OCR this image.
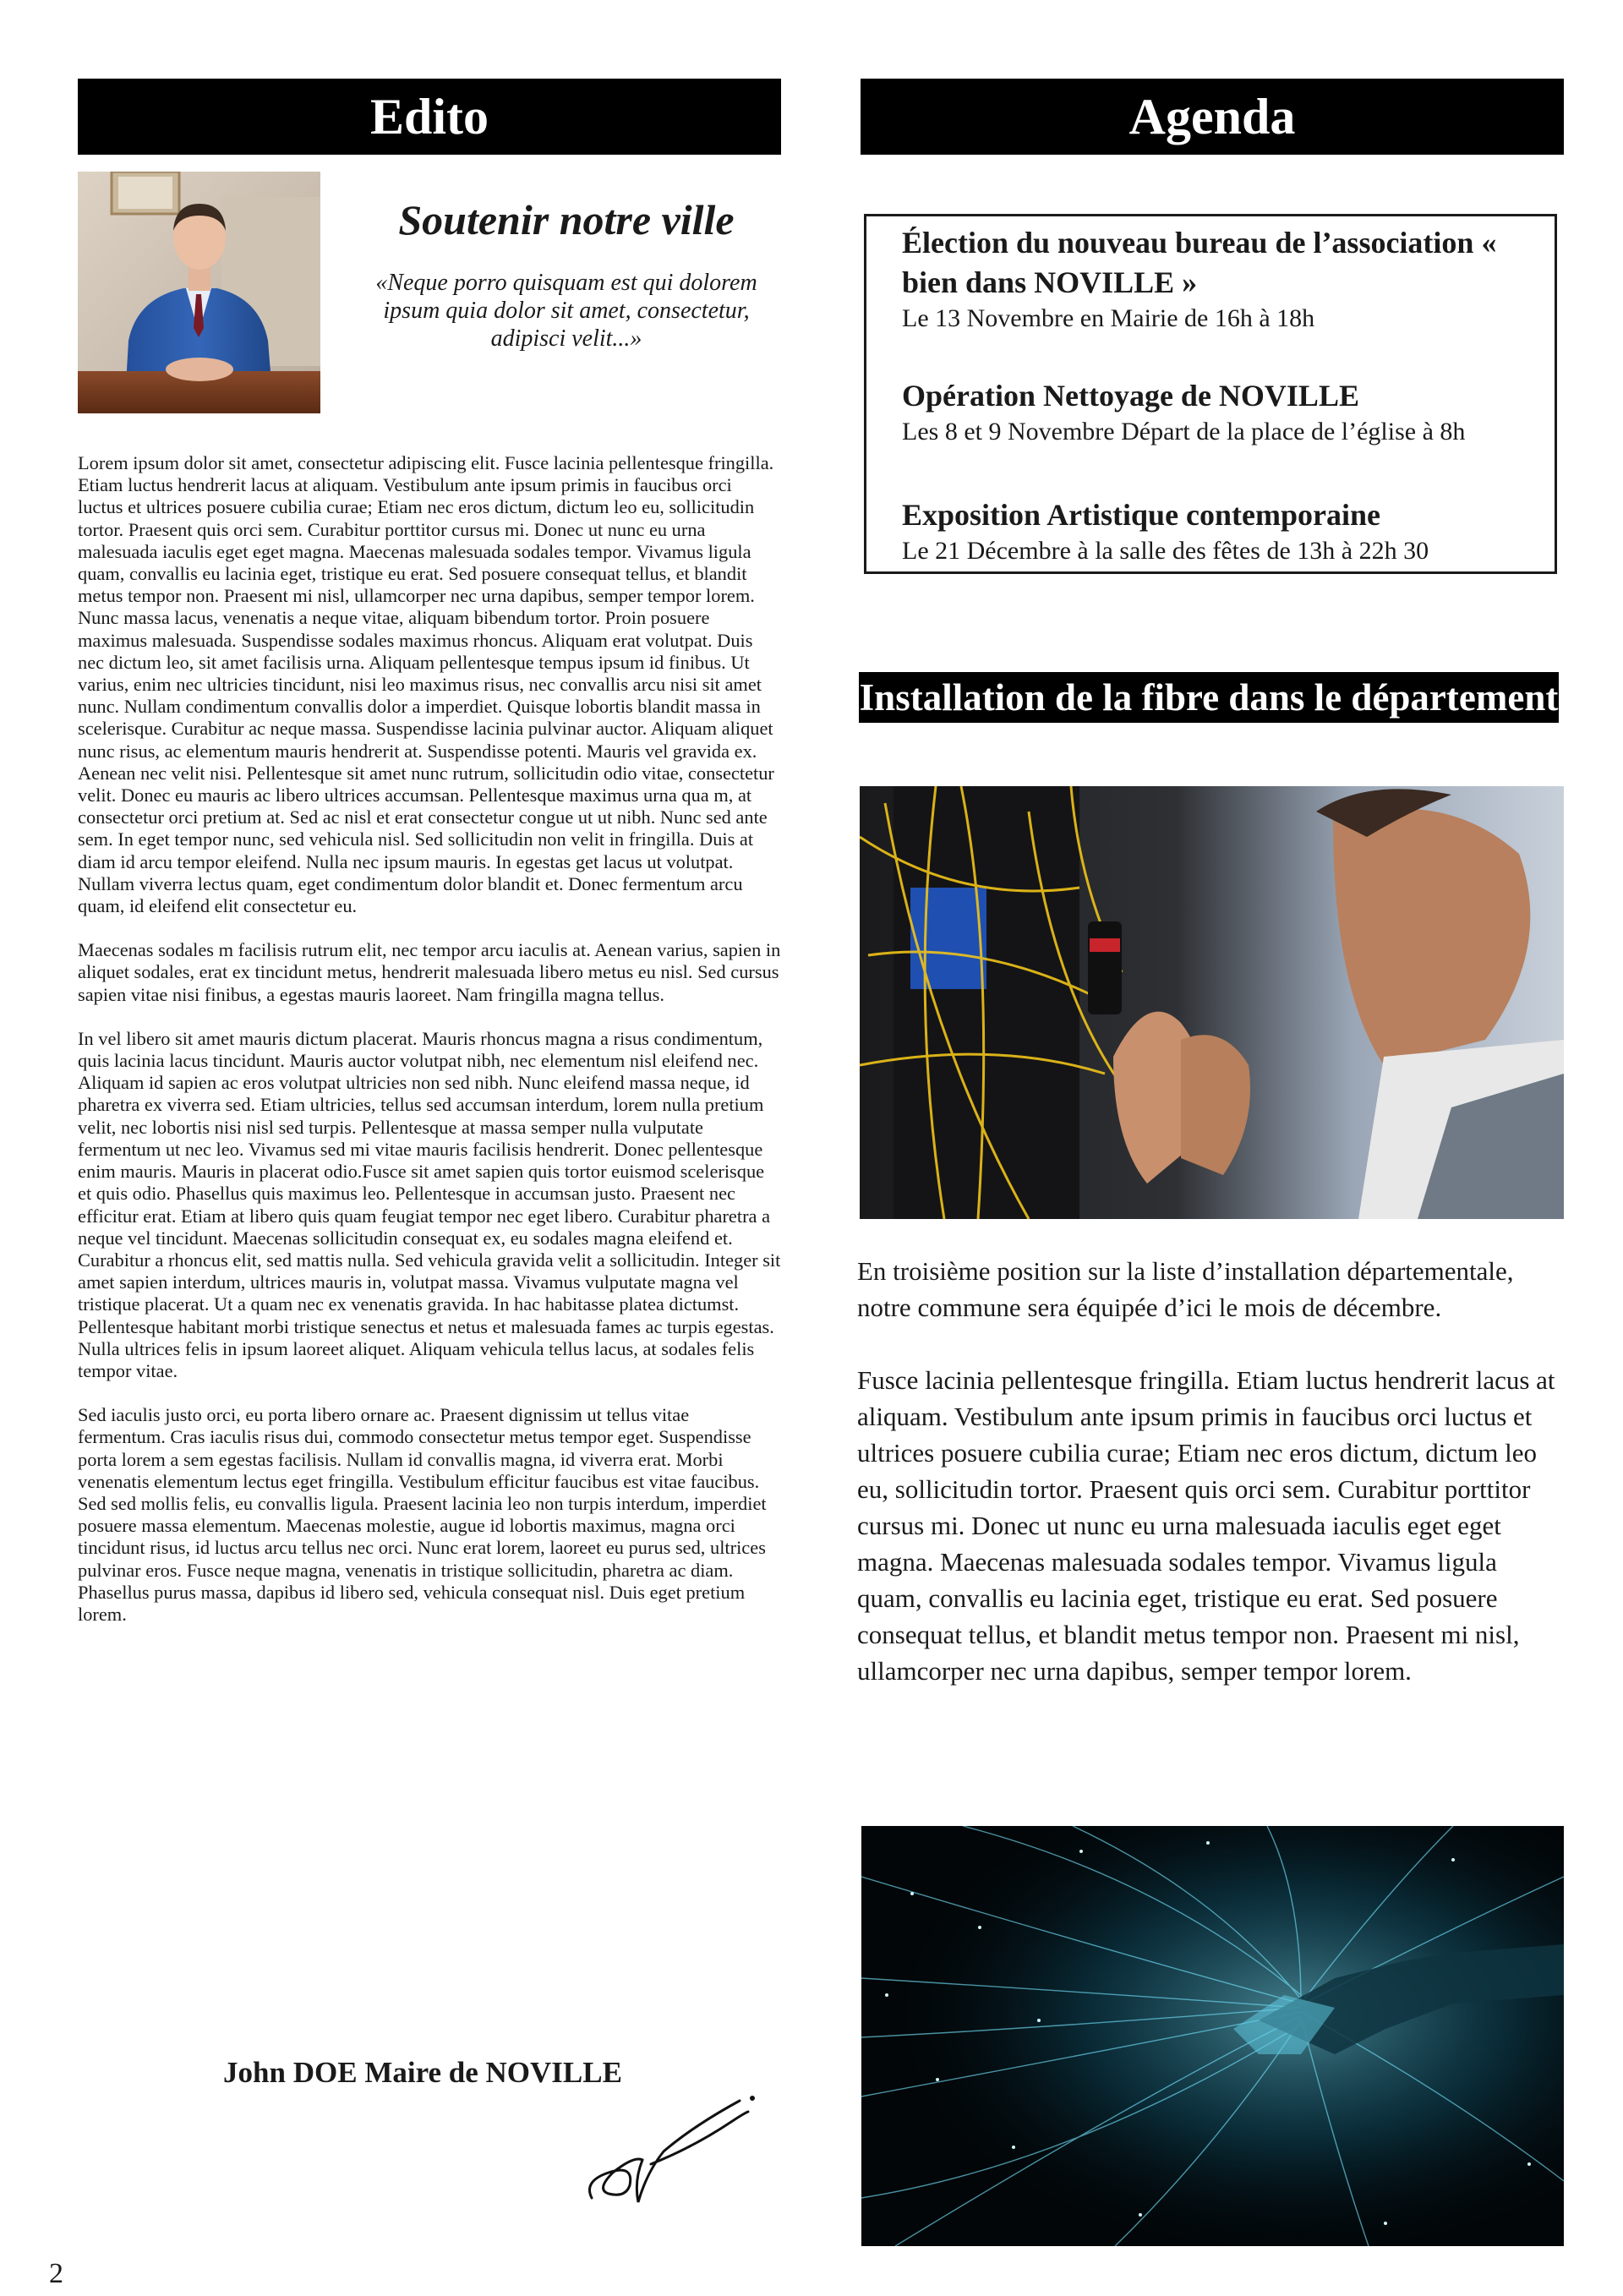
Edito
Soutenir notre ville
«Neque porro quisquam est qui dolorem ipsum quia dolor sit amet, consectetur, adipisci velit...»

Lorem ipsum dolor sit amet, consectetur adipiscing elit. Fusce lacinia pellentesque fringilla. Etiam luctus hendrerit lacus at aliquam. Vestibulum ante ipsum primis in faucibus orci luctus et ultrices posuere cubilia curae; Etiam nec eros dictum, dictum leo eu, sollicitudin tortor. Praesent quis orci sem. Curabitur porttitor cursus mi. Donec ut nunc eu urna malesuada iaculis eget eget magna. Maecenas malesuada sodales tempor. Vivamus ligula quam, convallis eu lacinia eget, tristique eu erat. Sed posuere consequat tellus, et blandit metus tempor non. Praesent mi nisl, ullamcorper nec urna dapibus, semper tempor lorem. Nunc massa lacus, venenatis a neque vitae, aliquam bibendum tortor. Proin posuere maximus malesuada. Suspendisse sodales maximus rhoncus. Aliquam erat volutpat. Duis nec dictum leo, sit amet facilisis urna. Aliquam pellentesque tempus ipsum id finibus. Ut varius, enim nec ultricies tincidunt, nisi leo maximus risus, nec convallis arcu nisi sit amet nunc. Nullam condimentum convallis dolor a imperdiet. Quisque lobortis blandit massa in scelerisque. Curabitur ac neque massa. Suspendisse lacinia pulvinar auctor. Aliquam aliquet nunc risus, ac elementum mauris hendrerit at. Suspendisse potenti. Mauris vel gravida ex. Aenean nec velit nisi. Pellentesque sit amet nunc rutrum, sollicitudin odio vitae, consectetur velit. Donec eu mauris ac libero ultrices accumsan. Pellentesque maximus urna qua m, at consectetur orci pretium at. Sed ac nisl et erat consectetur congue ut ut nibh. Nunc sed ante sem. In eget tempor nunc, sed vehicula nisl. Sed sollicitudin non velit in fringilla. Duis at diam id arcu tempor eleifend. Nulla nec ipsum mauris. In egestas get lacus ut volutpat. Nullam viverra lectus quam, eget condimentum dolor blandit et. Donec fermentum arcu quam, id eleifend elit consectetur eu.

Maecenas sodales m facilisis rutrum elit, nec tempor arcu iaculis at. Aenean varius, sapien in aliquet sodales, erat ex tincidunt metus, hendrerit malesuada libero metus eu nisl. Sed cursus sapien vitae nisi finibus, a egestas mauris laoreet. Nam fringilla magna tellus.

In vel libero sit amet mauris dictum placerat. Mauris rhoncus magna a risus condimentum, quis lacinia lacus tincidunt. Mauris auctor volutpat nibh, nec elementum nisl eleifend nec. Aliquam id sapien ac eros volutpat ultricies non sed nibh. Nunc eleifend massa neque, id pharetra ex viverra sed. Etiam ultricies, tellus sed accumsan interdum, lorem nulla pretium velit, nec lobortis nisi nisl sed turpis. Pellentesque at massa semper nulla vulputate fermentum ut nec leo. Vivamus sed mi vitae mauris facilisis hendrerit. Donec pellentesque enim mauris. Mauris in placerat odio.Fusce sit amet sapien quis tortor euismod scelerisque et quis odio. Phasellus quis maximus leo. Pellentesque in accumsan justo. Praesent nec efficitur erat. Etiam at libero quis quam feugiat tempor nec eget libero. Curabitur pharetra a neque vel tincidunt. Maecenas sollicitudin consequat ex, eu sodales magna eleifend et. Curabitur a rhoncus elit, sed mattis nulla. Sed vehicula gravida velit a sollicitudin. Integer sit amet sapien interdum, ultrices mauris in, volutpat massa. Vivamus vulputate magna vel tristique placerat. Ut a quam nec ex venenatis gravida. In hac habitasse platea dictumst. Pellentesque habitant morbi tristique senectus et netus et malesuada fames ac turpis egestas. Nulla ultrices felis in ipsum laoreet aliquet. Aliquam vehicula tellus lacus, at sodales felis tempor vitae.

Sed iaculis justo orci, eu porta libero ornare ac. Praesent dignissim ut tellus vitae fermentum. Cras iaculis risus dui, commodo consectetur metus tempor eget. Suspendisse porta lorem a sem egestas facilisis. Nullam id convallis magna, id viverra erat. Morbi venenatis elementum lectus eget fringilla. Vestibulum efficitur faucibus est vitae faucibus. Sed sed mollis felis, eu convallis ligula. Praesent lacinia leo non turpis interdum, imperdiet posuere massa elementum. Maecenas molestie, augue id lobortis maximus, magna orci tincidunt risus, id luctus arcu tellus nec orci. Nunc erat lorem, laoreet eu purus sed, ultrices pulvinar eros. Fusce neque magna, venenatis in tristique sollicitudin, pharetra ac diam. Phasellus purus massa, dapibus id libero sed, vehicula consequat nisl. Duis eget pretium lorem.

John DOE Maire de NOVILLE
Agenda
Élection du nouveau bureau de l’association « bien dans NOVILLE »
Le 13 Novembre en Mairie de 16h à 18h
Opération Nettoyage de NOVILLE
Les 8 et 9 Novembre Départ de la place de l’église à 8h
Exposition Artistique contemporaine
Le 21 Décembre à la salle des fêtes de 13h à 22h 30
Installation de la fibre dans le département

En troisième position sur la liste d’installation départementale, notre commune sera équipée d’ici le mois de décembre.

Fusce lacinia pellentesque fringilla. Etiam luctus hendrerit lacus at aliquam. Vestibulum ante ipsum primis in faucibus orci luctus et ultrices posuere cubilia curae; Etiam nec eros dictum, dictum leo eu, sollicitudin tortor. Praesent quis orci sem. Curabitur porttitor cursus mi. Donec ut nunc eu urna malesuada iaculis eget eget magna. Maecenas malesuada sodales tempor. Vivamus ligula quam, convallis eu lacinia eget, tristique eu erat. Sed posuere consequat tellus, et blandit metus tempor non. Praesent mi nisl, ullamcorper nec urna dapibus, semper tempor lorem.

2
